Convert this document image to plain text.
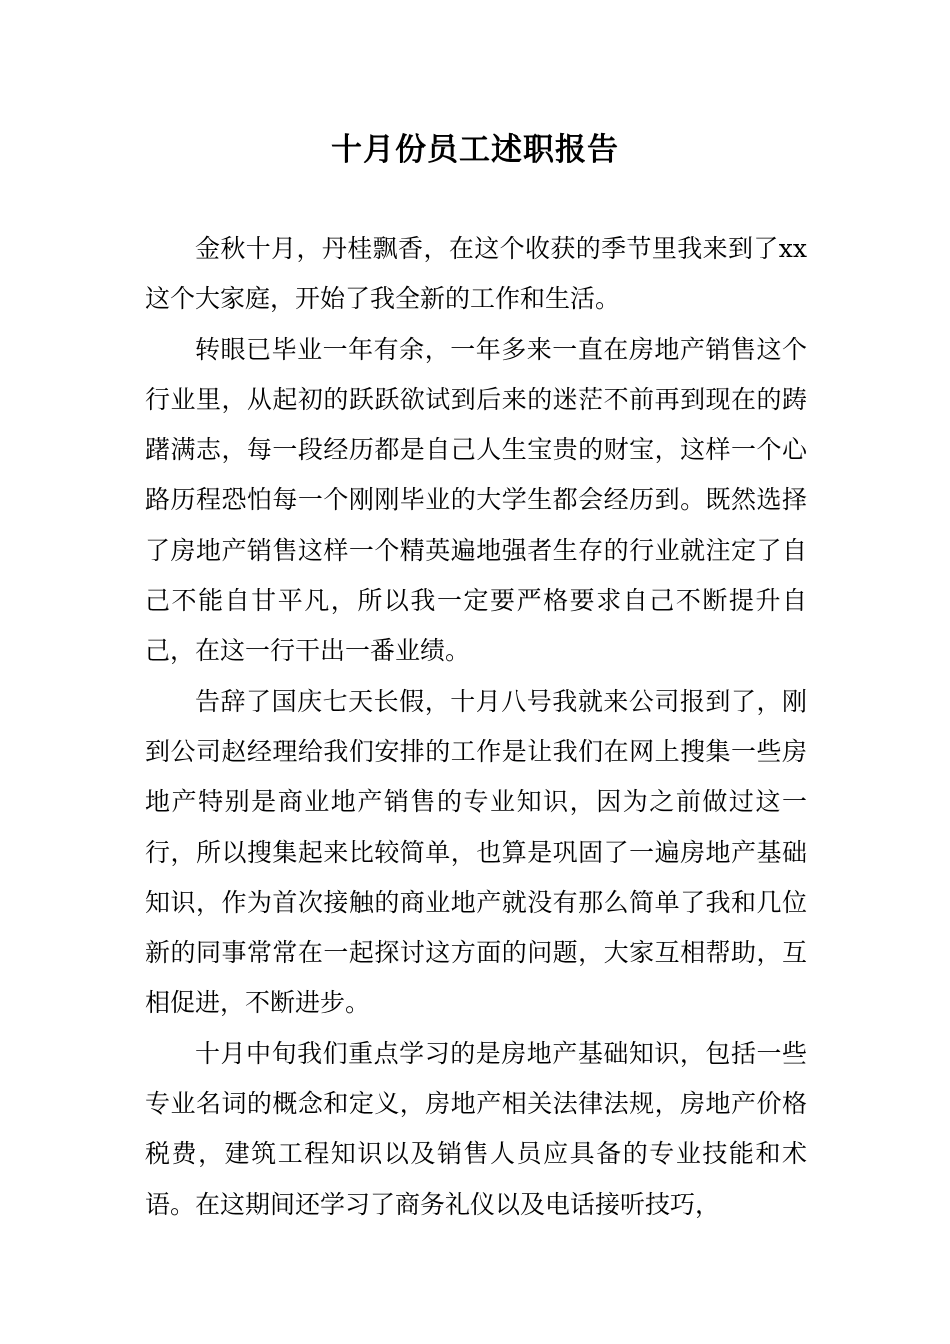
十月份员工述职报告

金秋十月，丹桂飘香，在这个收获的季节里我来到了xx这个大家庭，开始了我全新的工作和生活。

转眼已毕业一年有余，一年多来一直在房地产销售这个行业里，从起初的跃跃欲试到后来的迷茫不前再到现在的踌躇满志，每一段经历都是自己人生宝贵的财宝，这样一个心路历程恐怕每一个刚刚毕业的大学生都会经历到。既然选择了房地产销售这样一个精英遍地强者生存的行业就注定了自己不能自甘平凡，所以我一定要严格要求自己不断提升自己，在这一行干出一番业绩。

告辞了国庆七天长假，十月八号我就来公司报到了，刚到公司赵经理给我们安排的工作是让我们在网上搜集一些房地产特别是商业地产销售的专业知识，因为之前做过这一行，所以搜集起来比较简单，也算是巩固了一遍房地产基础知识，作为首次接触的商业地产就没有那么简单了我和几位新的同事常常在一起探讨这方面的问题，大家互相帮助，互相促进，不断进步。

十月中旬我们重点学习的是房地产基础知识，包括一些专业名词的概念和定义，房地产相关法律法规，房地产价格税费，建筑工程知识以及销售人员应具备的专业技能和术语。在这期间还学习了商务礼仪以及电话接听技巧，
